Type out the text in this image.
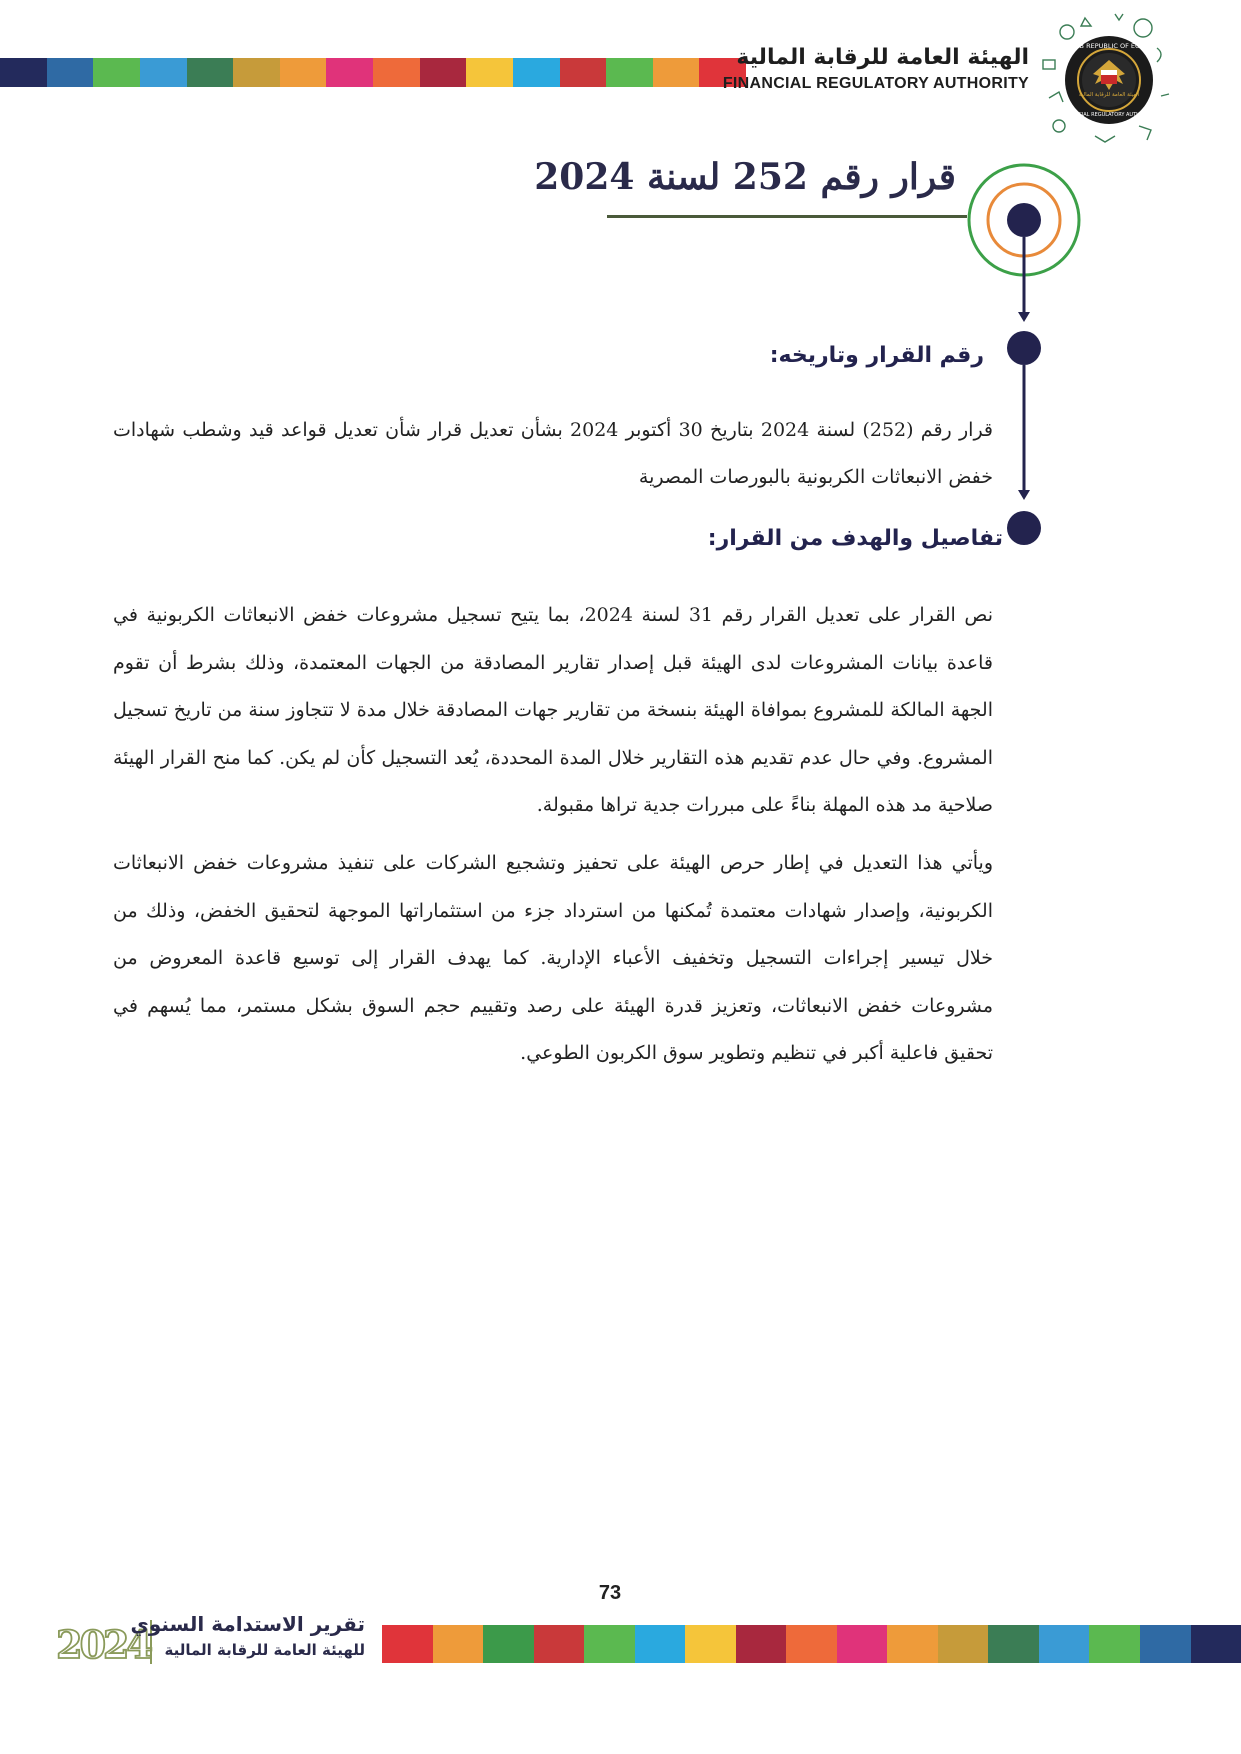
الهيئة العامة للرقابة المالية
FINANCIAL REGULATORY AUTHORITY
ARAB REPUBLIC OF EGYPT
FINANCIAL REGULATORY AUTHORITY
الهيئة العامة للرقابة المالية
قرار رقم 252 لسنة 2024
رقم القرار وتاريخه:

قرار رقم (252) لسنة 2024 بتاريخ 30 أكتوبر 2024 بشأن تعديل قرار شأن تعديل قواعد قيد وشطب شهادات خفض الانبعاثات الكربونية بالبورصات المصرية

تفاصيل والهدف من القرار:

نص القرار على تعديل القرار رقم 31 لسنة 2024، بما يتيح تسجيل مشروعات خفض الانبعاثات الكربونية في قاعدة بيانات المشروعات لدى الهيئة قبل إصدار تقارير المصادقة من الجهات المعتمدة، وذلك بشرط أن تقوم الجهة المالكة للمشروع بموافاة الهيئة بنسخة من تقارير جهات المصادقة خلال مدة لا تتجاوز سنة من تاريخ تسجيل المشروع. وفي حال عدم تقديم هذه التقارير خلال المدة المحددة، يُعد التسجيل كأن لم يكن. كما منح القرار الهيئة صلاحية مد هذه المهلة بناءً على مبررات جدية تراها مقبولة.

ويأتي هذا التعديل في إطار حرص الهيئة على تحفيز وتشجيع الشركات على تنفيذ مشروعات خفض الانبعاثات الكربونية، وإصدار شهادات معتمدة تُمكنها من استرداد جزء من استثماراتها الموجهة لتحقيق الخفض، وذلك من خلال تيسير إجراءات التسجيل وتخفيف الأعباء الإدارية. كما يهدف القرار إلى توسيع قاعدة المعروض من مشروعات خفض الانبعاثات، وتعزيز قدرة الهيئة على رصد وتقييم حجم السوق بشكل مستمر، مما يُسهم في تحقيق فاعلية أكبر في تنظيم وتطوير سوق الكربون الطوعي.

73
2024
تقرير الاستدامة السنوي
للهيئة العامة للرقابة المالية
